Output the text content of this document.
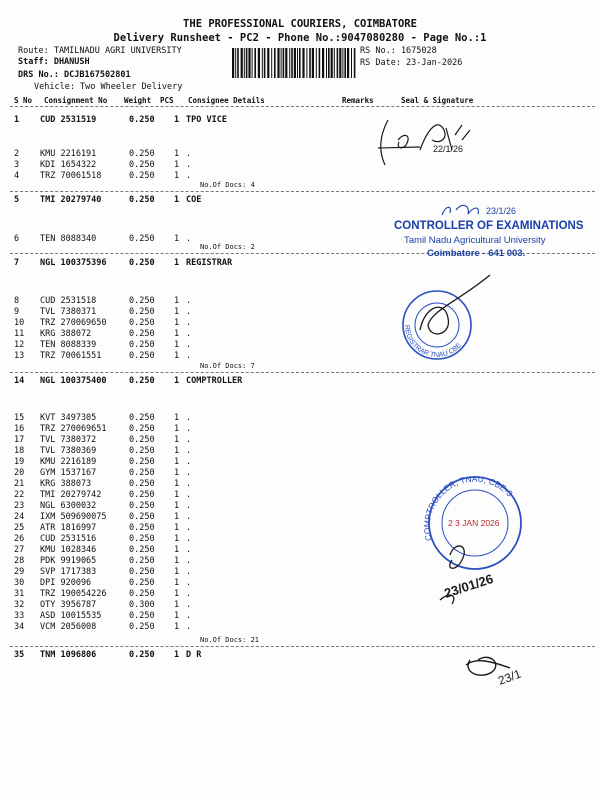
THE PROFESSIONAL COURIERS, COIMBATORE
Delivery Runsheet - PC2 - Phone No.:9047080280 - Page No.:1
Route: TAMILNADU AGRI UNIVERSITY
Staff: DHANUSH
DRS No.: DCJB167502801
Vehicle: Two Wheeler Delivery
RS No.: 1675028
RS Date: 23-Jan-2026
S No Consignment No Weight PCS Consignee Details	Remarks	Seal & Signature
1 CUD 2531519	0.250 1 TPO VICE
2 KMU 2216191	0.250 1 .
3 KDI 1654322	0.250 1 .
4 TRZ 70061518	0.250 1 .
No.Of Docs: 4
5 TMI 20279740	0.250 1 COE
6 TEN 8088340	0.250 1 .
No.Of Docs: 2
7 NGL 100375396	0.250 1 REGISTRAR
8 CUD 2531518	0.250 1 .
9 TVL 7380371	0.250 1 .
10 TRZ 270069650	0.250 1 .
11 KRG 388072	0.250 1 .
12 TEN 8088339	0.250 1 .
13 TRZ 70061551	0.250 1 .
No.Of Docs: 7
14 NGL 100375400	0.250 1 COMPTROLLER
15 KVT 3497305	0.250 1 .
16 TRZ 270069651	0.250 1 .
17 TVL 7380372	0.250 1 .
18 TVL 7380369	0.250 1 .
19 KMU 2216189	0.250 1 .
20 GYM 1537167	0.250 1 .
21 KRG 388073	0.250 1 .
22 TMI 20279742	0.250 1 .
23 NGL 6300032	0.250 1 .
24 IXM 509690075	0.250 1 .
25 ATR 1816997	0.250 1 .
26 CUD 2531516	0.250 1 .
27 KMU 1028346	0.250 1 .
28 PDK 9919065	0.250 1 .
29 SVP 1717383	0.250 1 .
30 DPI 920096	0.250 1 .
31 TRZ 190054226	0.250 1 .
32 OTY 3956787	0.300 1 .
33 ASD 10015535	0.250 1 .
34 VCM 2056008	0.250 1 .
No.Of Docs: 21
35 TNM 1096806	0.250 1 D R
22/1/26
23/1/26
CONTROLLER OF EXAMINATIONS
Tamil Nadu Agricultural University
Coimbatore - 641 003.
REGISTRAR TNAU CBE
COMPTROLLER, TNAU, CBE-3
2 3 JAN 2026
23/01/26
23/1
